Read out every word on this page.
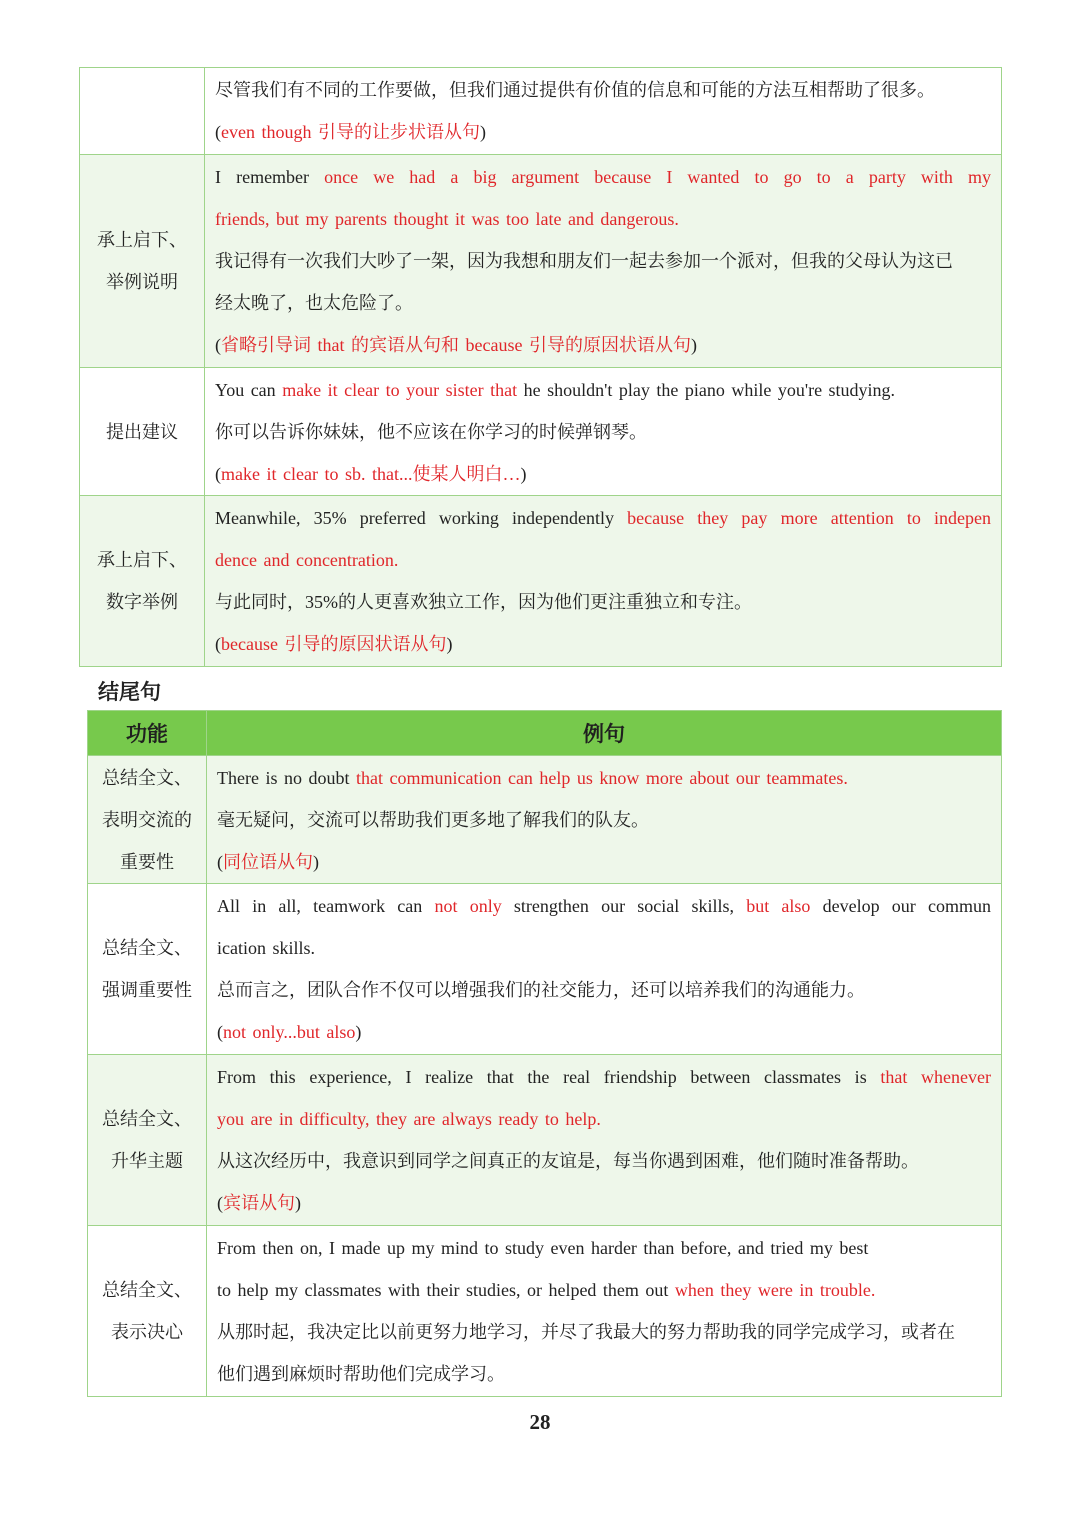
	尽管我们有不同的工作要做，但我们通过提供有价值的信息和可能的方法互相帮助了很多。

(even though 引导的让步状语从句)

承上启下、举例说明	I remember once we had a big argument because I wanted to go to a party with my

friends, but my parents thought it was too late and dangerous.

我记得有一次我们大吵了一架，因为我想和朋友们一起去参加一个派对，但我的父母认为这已

经太晚了，也太危险了。

(省略引导词 that 的宾语从句和 because 引导的原因状语从句)

提出建议	You can make it clear to your sister that he shouldn't play the piano while you're studying.

你可以告诉你妹妹，他不应该在你学习的时候弹钢琴。

(make it clear to sb. that...使某人明白…)

承上启下、数字举例	Meanwhile, 35% preferred working independently because they pay more attention to indepen

dence and concentration.

与此同时，35%的人更喜欢独立工作，因为他们更注重独立和专注。

(because 引导的原因状语从句)

结尾句
功能	例句

总结全文、表明交流的重要性	There is no doubt that communication can help us know more about our teammates.

毫无疑问，交流可以帮助我们更多地了解我们的队友。

(同位语从句)

总结全文、强调重要性	All in all, teamwork can not only strengthen our social skills, but also develop our commun

ication skills.

总而言之，团队合作不仅可以增强我们的社交能力，还可以培养我们的沟通能力。

(not only...but also)

总结全文、升华主题	From this experience, I realize that the real friendship between classmates is that whenever

you are in difficulty, they are always ready to help.

从这次经历中，我意识到同学之间真正的友谊是，每当你遇到困难，他们随时准备帮助。

(宾语从句)

总结全文、表示决心	From then on, I made up my mind to study even harder than before, and tried my best

to help my classmates with their studies, or helped them out when they were in trouble.

从那时起，我决定比以前更努力地学习，并尽了我最大的努力帮助我的同学完成学习，或者在

他们遇到麻烦时帮助他们完成学习。

28
